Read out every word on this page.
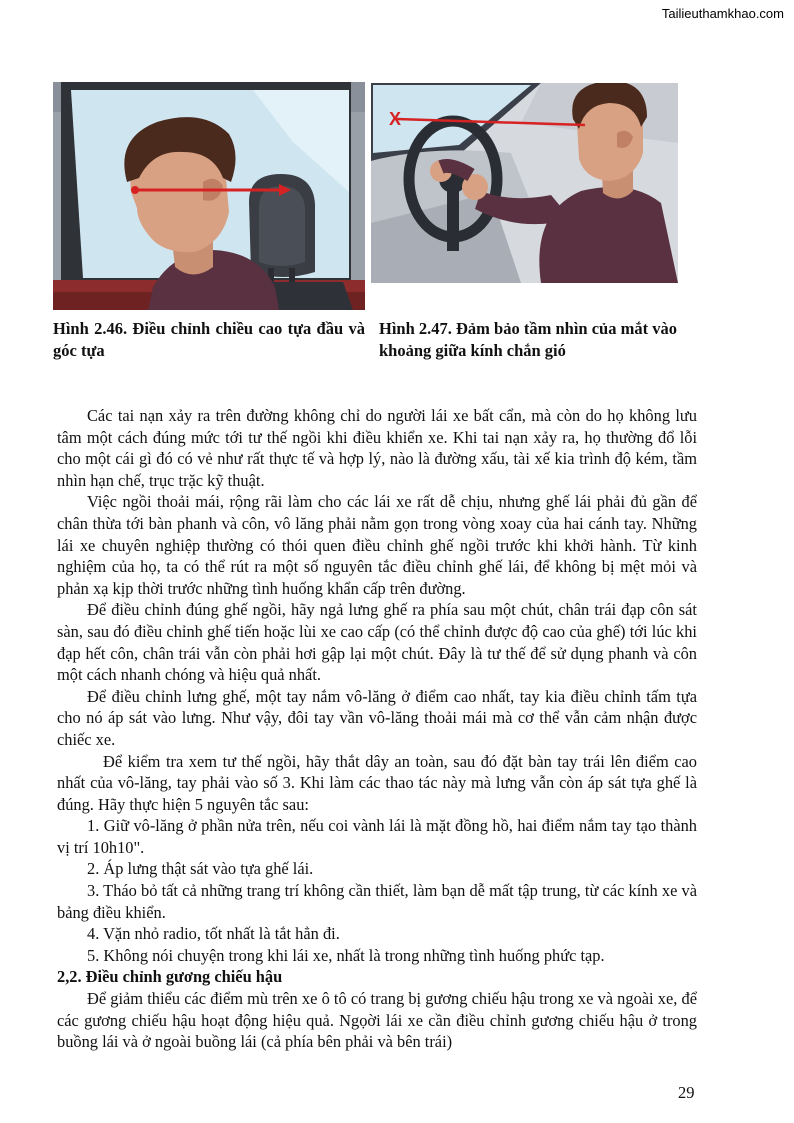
Tailieuthamkhao.com
X
Hình 2.46. Điều chỉnh chiều cao tựa đầu và góc tựa
Hình 2.47. Đảm bảo tầm nhìn của mắt vào khoảng giữa kính chắn gió

Các tai nạn xảy ra trên đường không chỉ do người lái xe bất cẩn, mà còn do họ không lưu tâm một cách đúng mức tới tư thế ngồi khi điều khiển xe. Khi tai nạn xảy ra, họ thường đổ lỗi cho một cái gì đó có vẻ như rất thực tế và hợp lý, nào là đường xấu, tài xế kia trình độ kém, tầm nhìn hạn chế, trục trặc kỹ thuật.

Việc ngồi thoải mái, rộng rãi làm cho các lái xe rất dễ chịu, nhưng ghế lái phải đủ gần để chân thừa tới bàn phanh và côn, vô lăng phải nằm gọn trong vòng xoay của hai cánh tay. Những lái xe chuyên nghiệp thường có thói quen điều chỉnh ghế ngồi trước khi khởi hành. Từ kinh nghiệm của họ, ta có thể rút ra một số nguyên tắc điều chỉnh ghế lái, để không bị mệt mỏi và phản xạ kịp thời trước những tình huống khẩn cấp trên đường.

Để điều chỉnh đúng ghế ngồi, hãy ngả lưng ghế ra phía sau một chút, chân trái đạp côn sát sàn, sau đó điều chỉnh ghế tiến hoặc lùi xe cao cấp (có thể chỉnh được độ cao của ghế) tới lúc khi đạp hết côn, chân trái vẫn còn phải hơi gập lại một chút. Đây là tư thế để sử dụng phanh và côn một cách nhanh chóng và hiệu quả nhất.

Để điều chỉnh lưng ghế, một tay nắm vô-lăng ở điểm cao nhất, tay kia điều chỉnh tấm tựa cho nó áp sát vào lưng. Như vậy, đôi tay vần vô-lăng thoải mái mà cơ thể vẫn cảm nhận được chiếc xe.

Để kiểm tra xem tư thế ngồi, hãy thắt dây an toàn, sau đó đặt bàn tay trái lên điểm cao nhất của vô-lăng, tay phải vào số 3. Khi làm các thao tác này mà lưng vẫn còn áp sát tựa ghế là đúng. Hãy thực hiện 5 nguyên tắc sau:

1. Giữ vô-lăng ở phần nửa trên, nếu coi vành lái là mặt đồng hồ, hai điểm nắm tay tạo thành vị trí 10h10".

2. Áp lưng thật sát vào tựa ghế lái.

3. Tháo bỏ tất cả những trang trí không cần thiết, làm bạn dễ mất tập trung, từ các kính xe và bảng điều khiển.

4. Vặn nhỏ radio, tốt nhất là tắt hẳn đi.

5. Không nói chuyện trong khi lái xe, nhất là trong những tình huống phức tạp.

2,2. Điều chỉnh gương chiếu hậu

Để giảm thiểu các điểm mù trên xe ô tô có trang bị gương chiếu hậu trong xe và ngoài xe, để các gương chiếu hậu hoạt động hiệu quả. Ngọời lái xe cần điều chỉnh gương chiếu hậu ở trong buồng lái và ở ngoài buồng lái (cả phía bên phải và bên trái)

29
